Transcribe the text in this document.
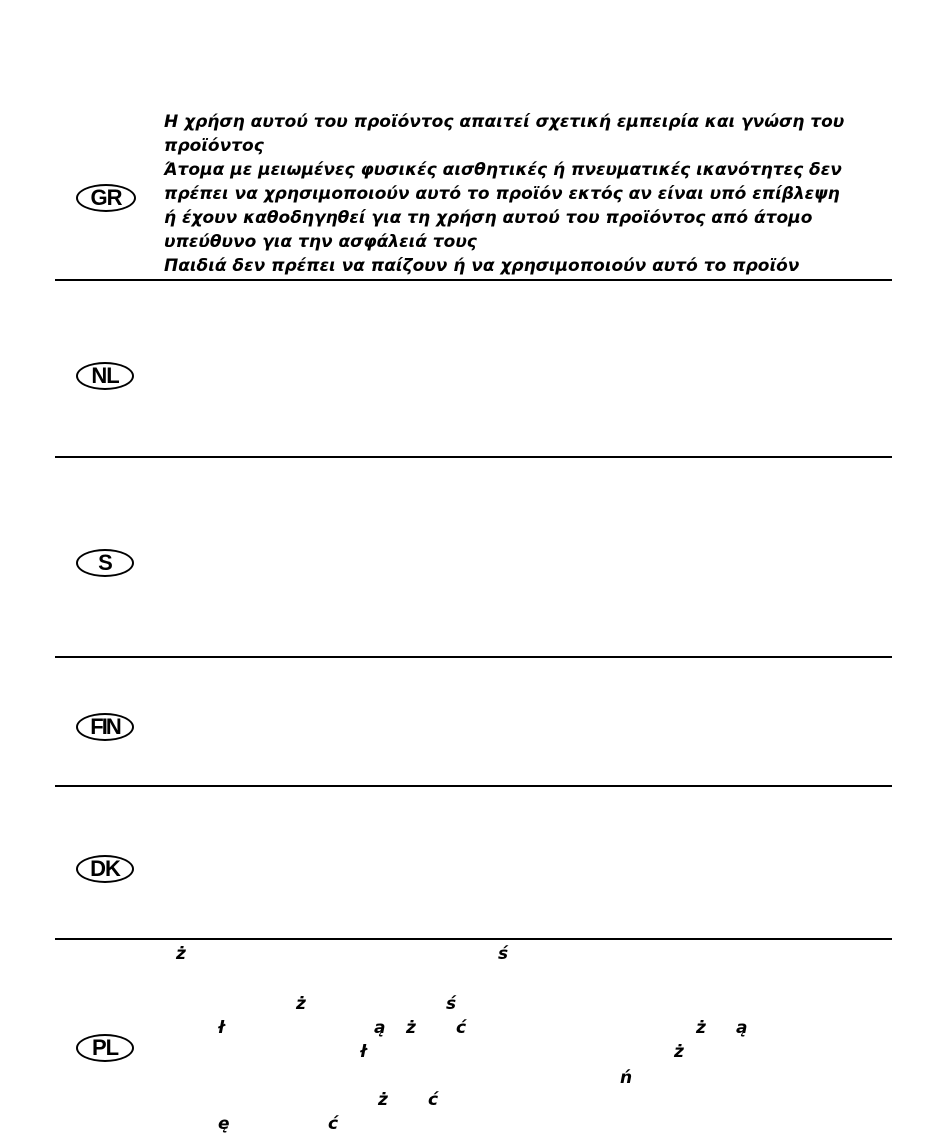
GR
Η χρήση αυτού του προϊόντος απαιτεί σχετική εμπειρία και γνώση του
προϊόντος
Άτομα με μειωμένες φυσικές αισθητικές ή πνευματικές ικανότητες δεν
πρέπει να χρησιμοποιούν αυτό το προϊόν εκτός αν είναι υπό επίβλεψη
ή έχουν καθοδηγηθεί για τη χρήση αυτού του προϊόντος από άτομο
υπεύθυνο για την ασφάλειά τους
Παιδιά δεν πρέπει να παίζουν ή να χρησιμοποιούν αυτό το προϊόν
NL
S
FIN
DK
PL
ż	ś
ż	ś
ł	ą ż ć	ż ą
ł	ż
ń
ż ć
ę	ć
